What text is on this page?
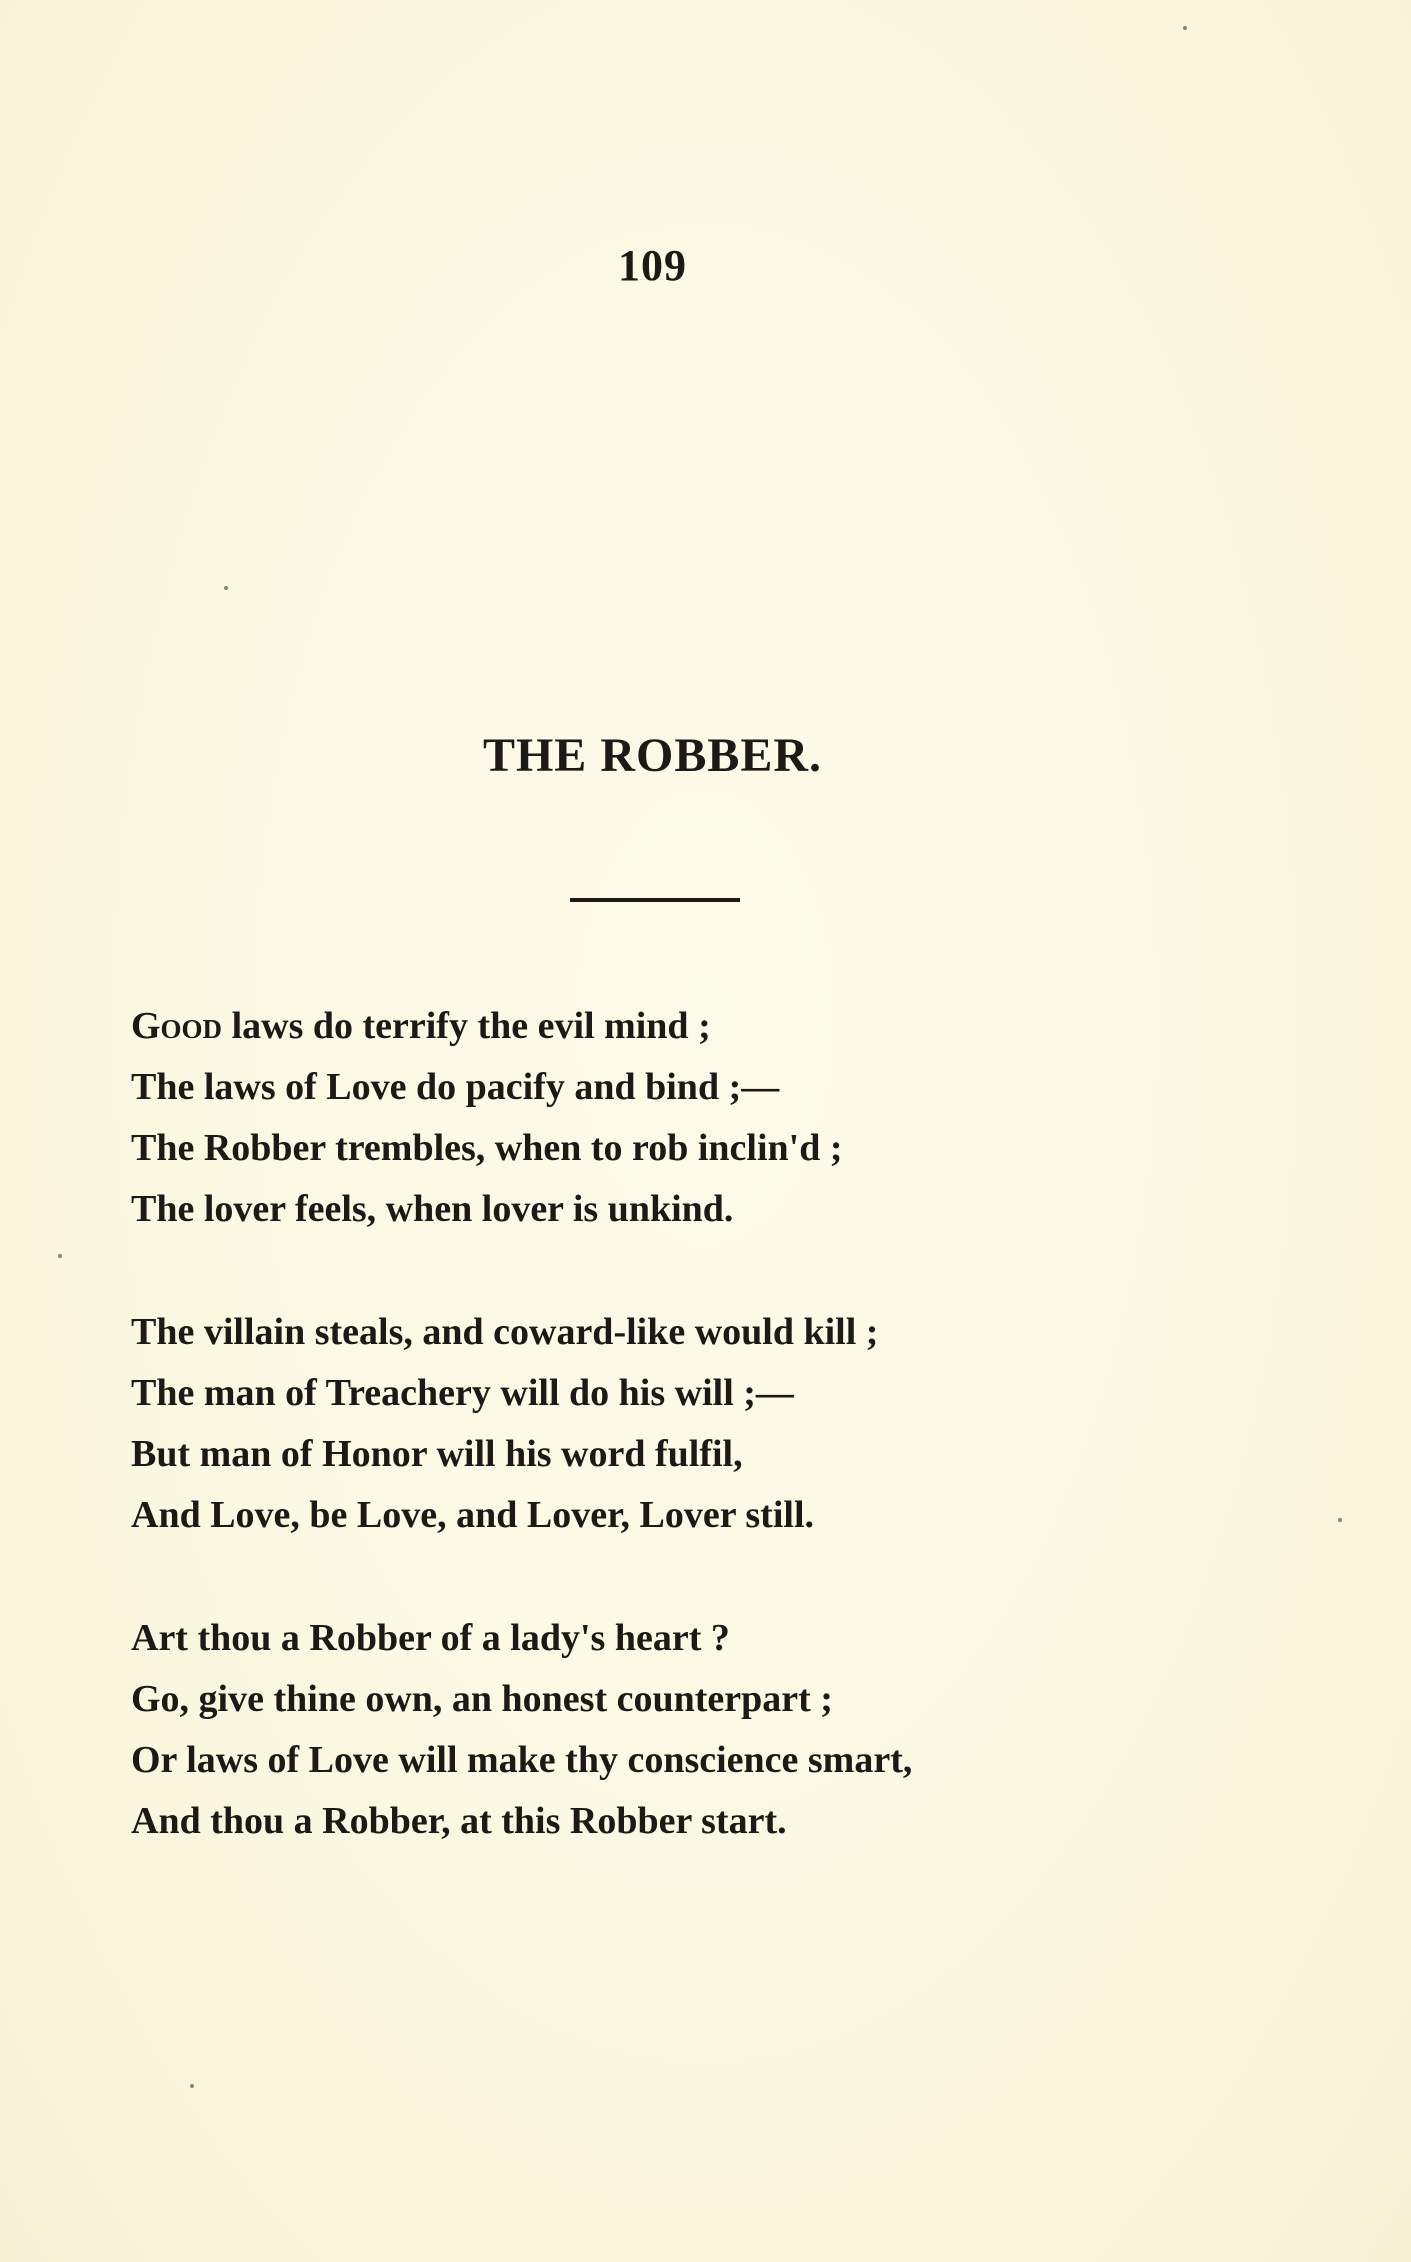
109
THE ROBBER.
Good laws do terrify the evil mind ;
The laws of Love do pacify and bind ;—
The Robber trembles, when to rob inclin'd ;
The lover feels, when lover is unkind.
The villain steals, and coward-like would kill ;
The man of Treachery will do his will ;—
But man of Honor will his word fulfil,
And Love, be Love, and Lover, Lover still.
Art thou a Robber of a lady's heart ?
Go, give thine own, an honest counterpart ;
Or laws of Love will make thy conscience smart,
And thou a Robber, at this Robber start.
